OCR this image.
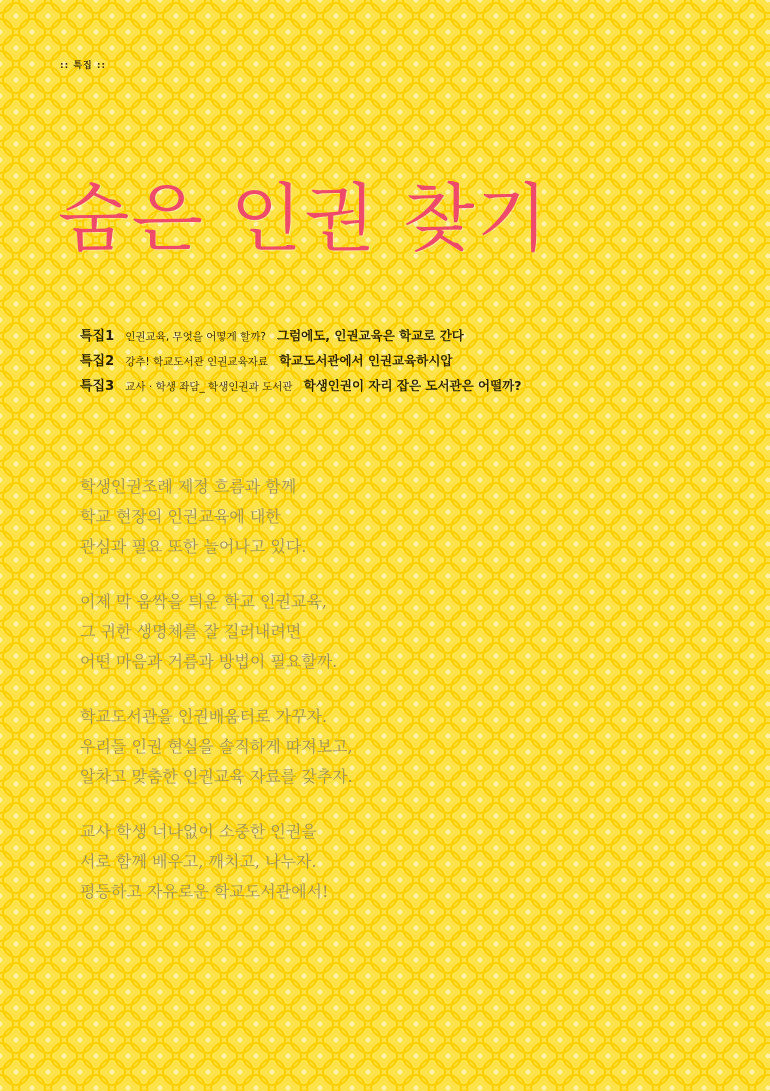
:: 특집 ::
숨은 인권 찾기
특집1 인권교육, 무엇을 어떻게 할까? 그럼에도, 인권교육은 학교로 간다
특집2 강추! 학교도서관 인권교육자료 학교도서관에서 인권교육하시압
특집3 교사 · 학생 좌담_ 학생인권과 도서관 학생인권이 자리 잡은 도서관은 어떨까?
학생인권조례 제정 흐름과 함께
학교 현장의 인권교육에 대한
관심과 필요 또한 늘어나고 있다.
이제 막 움싹을 틔운 학교 인권교육,
그 귀한 생명체를 잘 길러내려면
어떤 마음과 거름과 방법이 필요할까.
학교도서관을 인권배움터로 가꾸자.
우리들 인권 현실을 솔직하게 따져보고,
알차고 맞춤한 인권교육 자료를 갖추자.
교사 학생 너나없이 소중한 인권을
서로 함께 배우고, 깨치고, 나누자.
평등하고 자유로운 학교도서관에서!
